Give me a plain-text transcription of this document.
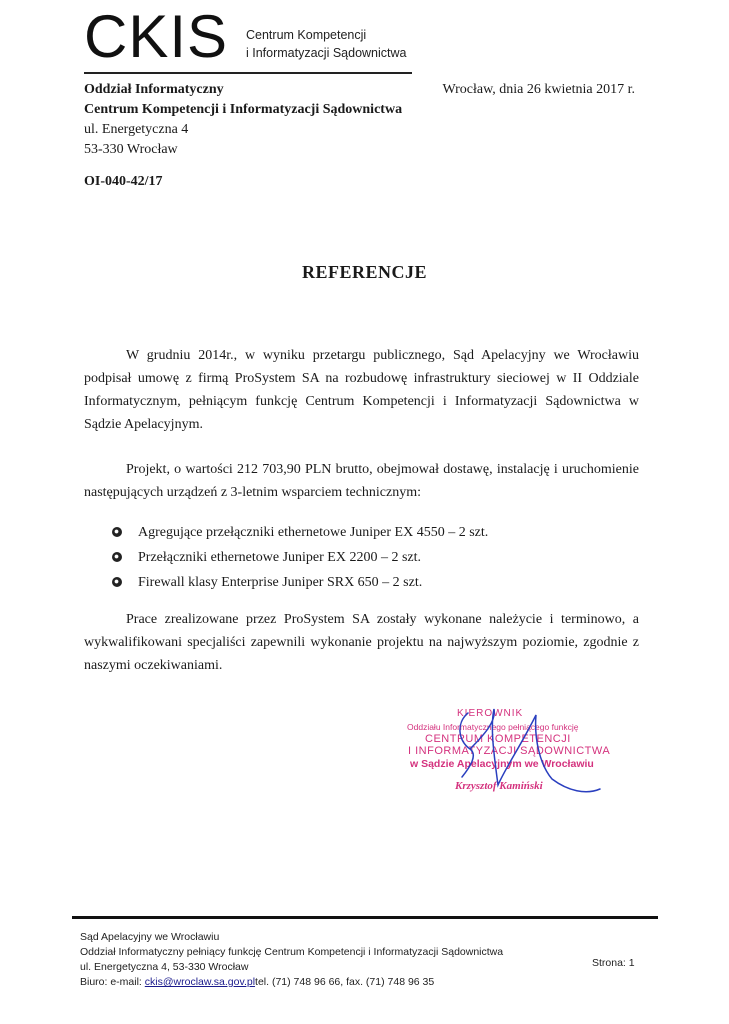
CKIS Centrum Kompetencji
i Informatyzacji Sądownictwa
Oddział Informatyczny
Centrum Kompetencji i Informatyzacji Sądownictwa
ul. Energetyczna 4
53-330 Wrocław
Wrocław, dnia 26 kwietnia 2017 r.
OI-040-42/17
REFERENCJE

W grudniu 2014r., w wyniku przetargu publicznego, Sąd Apelacyjny we Wrocławiu podpisał umowę z firmą ProSystem SA na rozbudowę infrastruktury sieciowej w II Oddziale Informatycznym, pełniącym funkcję Centrum Kompetencji i Informatyzacji Sądownictwa w Sądzie Apelacyjnym.

Projekt, o wartości 212 703,90 PLN brutto, obejmował dostawę, instalację i uruchomienie następujących urządzeń z 3-letnim wsparciem technicznym:

Agregujące przełączniki ethernetowe Juniper EX 4550 – 2 szt.
Przełączniki ethernetowe Juniper EX 2200 – 2 szt.
Firewall klasy Enterprise Juniper SRX 650 – 2 szt.

Prace zrealizowane przez ProSystem SA zostały wykonane należycie i terminowo, a wykwalifikowani specjaliści zapewnili wykonanie projektu na najwyższym poziomie, zgodnie z naszymi oczekiwaniami.

KIEROWNIK
Oddziału Informatycznego pełniącego funkcję
CENTRUM KOMPETENCJI
I INFORMATYZACJI SĄDOWNICTWA
w Sądzie Apelacyjnym we Wrocławiu
Krzysztof Kamiński
Sąd Apelacyjny we Wrocławiu
Oddział Informatyczny pełniący funkcję Centrum Kompetencji i Informatyzacji Sądownictwa
ul. Energetyczna 4, 53-330 Wrocław
Biuro: e-mail: ckis@wroclaw.sa.gov.pltel. (71) 748 96 66, fax. (71) 748 96 35
Strona: 1
